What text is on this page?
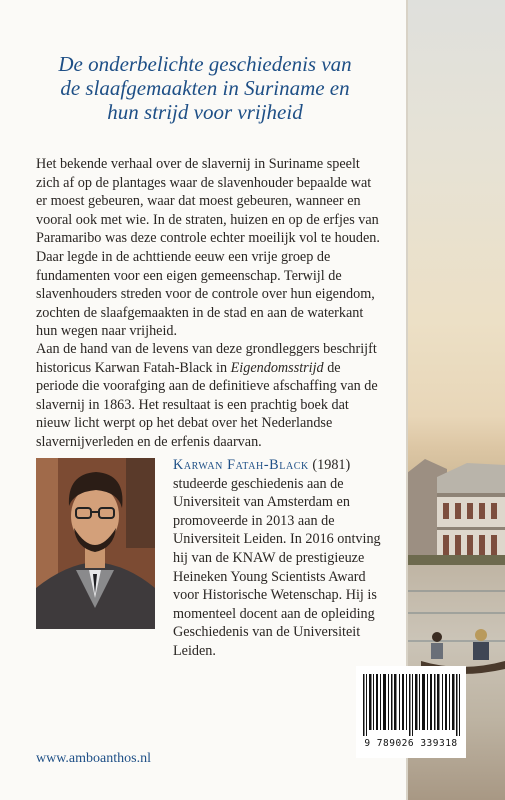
De onderbelichte geschiedenis van
de slaafgemaakten in Suriname en
hun strijd voor vrijheid
Het bekende verhaal over de slavernij in Suriname speelt zich af op de plantages waar de slavenhouder bepaalde wat er moest gebeuren, waar dat moest gebeuren, wanneer en vooral ook met wie. In de straten, huizen en op de erfjes van Paramaribo was deze controle echter moeilijk vol te houden. Daar legde in de achttiende eeuw een vrije groep de fundamenten voor een eigen gemeenschap. Terwijl de slavenhouders streden voor de controle over hun eigendom, zochten de slaafgemaakten in de stad en aan de waterkant hun wegen naar vrijheid.
Aan de hand van de levens van deze grondleggers beschrijft historicus Karwan Fatah-Black in Eigendomsstrijd de periode die voorafging aan de definitieve afschaffing van de slavernij in 1863. Het resultaat is een prachtig boek dat nieuw licht werpt op het debat over het Nederlandse slavernijverleden en de erfenis daarvan.
Karwan Fatah-Black (1981) studeerde geschiedenis aan de Universiteit van Amsterdam en promoveerde in 2013 aan de Universiteit Leiden. In 2016 ontving hij van de KNAW de prestigieuze Heineken Young Scientists Award voor Historische Wetenschap. Hij is momenteel docent aan de opleiding Geschiedenis van de Universiteit Leiden.
www.amboanthos.nl
9 789026 339318
